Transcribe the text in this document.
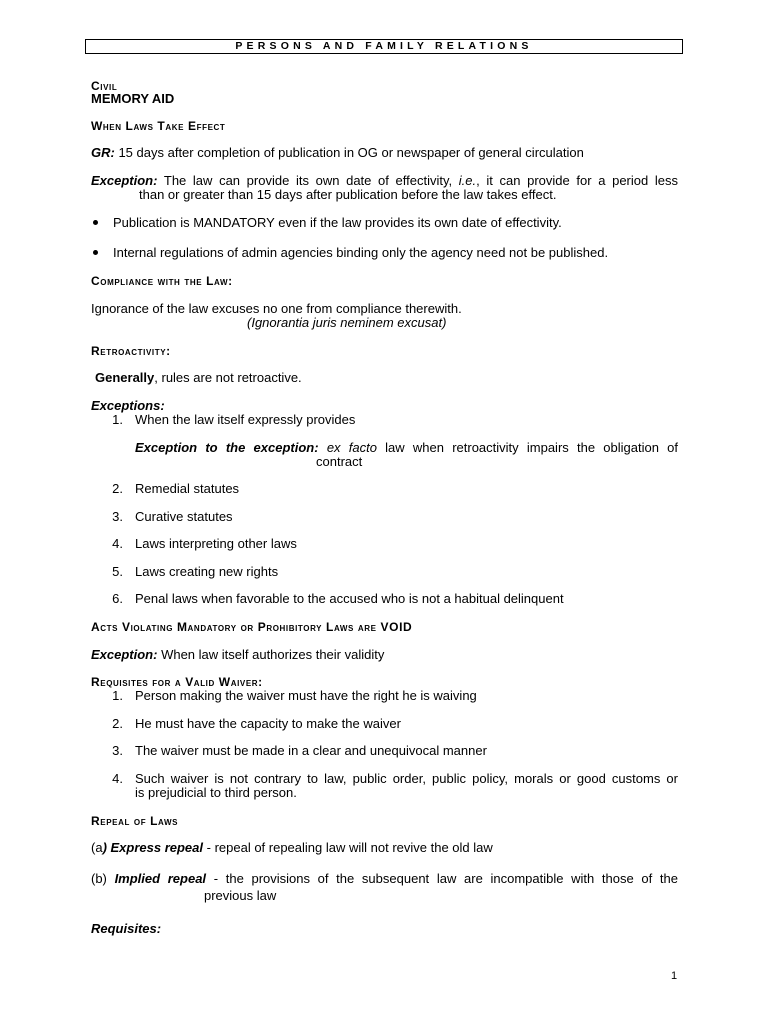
PERSONS AND FAMILY RELATIONS
Civil
MEMORY AID
When Laws Take Effect
GR: 15 days after completion of publication in OG or newspaper of general circulation
Exception: The law can provide its own date of effectivity, i.e., it can provide for a period less
than or greater than 15 days after publication before the law takes effect.
Publication is MANDATORY even if the law provides its own date of effectivity.
Internal regulations of admin agencies binding only the agency need not be published.
Compliance with the Law:
Ignorance of the law excuses no one from compliance therewith.
(Ignorantia juris neminem excusat)
Retroactivity:
Generally, rules are not retroactive.
Exceptions:
1. When the law itself expressly provides
Exception to the exception: ex facto law when retroactivity impairs the obligation of
contract
2. Remedial statutes
3. Curative statutes
4. Laws interpreting other laws
5. Laws creating new rights
6. Penal laws when favorable to the accused who is not a habitual delinquent
Acts Violating Mandatory or Prohibitory Laws are VOID
Exception: When law itself authorizes their validity
Requisites for a Valid Waiver:
1. Person making the waiver must have the right he is waiving
2. He must have the capacity to make the waiver
3. The waiver must be made in a clear and unequivocal manner
4. Such waiver is not contrary to law, public order, public policy, morals or good customs or
is prejudicial to third person.
Repeal of Laws
(a) Express repeal - repeal of repealing law will not revive the old law
(b) Implied repeal - the provisions of the subsequent law are incompatible with those of the
previous law
Requisites:
1
